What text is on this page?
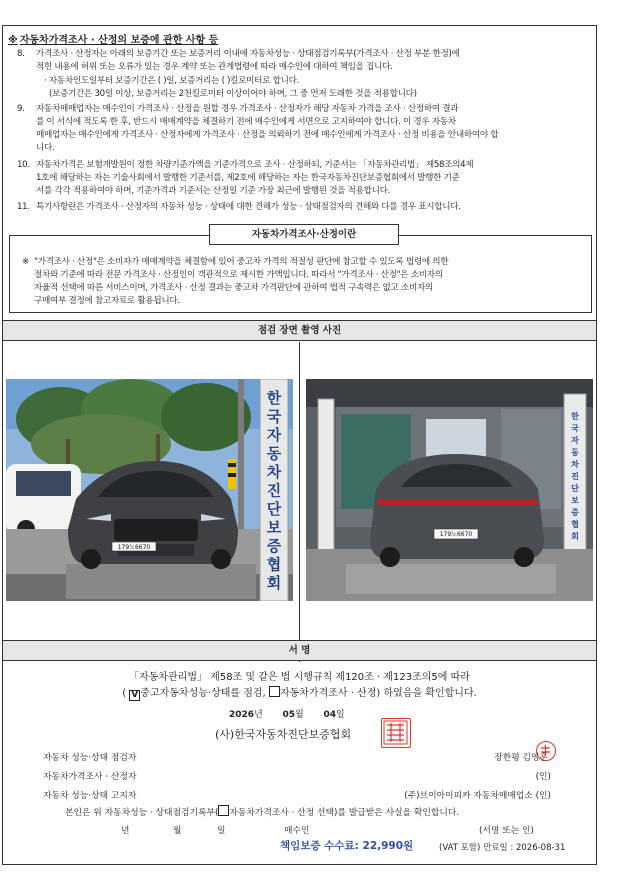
※ 자동차가격조사 · 산정의 보증에 관한 사항 등
8.	가격조사 · 산정자는 아래의 보증기간 또는 보증거리 이내에 자동차성능 · 상태점검기록부(가격조사 · 산정 부분 한정)에
적힌 내용에 허위 또는 오류가 있는 경우 계약 또는 관계법령에 따라 매수인에 대하여 책임을 집니다.
· 자동차인도일부터 보증기간은 ( )일, 보증거리는 ( )킬로미터로 합니다.
(보증기간은 30일 이상, 보증거리는 2천킬로미터 이상이어야 하며, 그 중 먼저 도래한 것을 적용합니다)
9.	자동차매매업자는 매수인이 가격조사 · 산정을 원할 경우 가격조사 · 산정자가 해당 자동차 가격을 조사 · 산정하여 결과
를 이 서식에 적도록 한 후, 반드시 매매계약을 체결하기 전에 매수인에게 서면으로 고지하여야 합니다. 이 경우 자동차
매매업자는 매수인에게 가격조사 · 산정자에게 가격조사 · 산정을 의뢰하기 전에 매수인에게 가격조사 · 산정 비용을 안내하여야 합
니다.
10. 자동차가격은 보험개발원이 정한 차량기준가액을 기준가격으로 조사 · 산정하되, 기준서는 「자동차관리법」 제58조의4제
1호에 해당하는 자는 기술사회에서 발행한 기준서를, 제2호에 해당하는 자는 한국자동차진단보증협회에서 발행한 기준
서를 각각 적용하여야 하며, 기준가격과 기준서는 산정일 기준 가장 최근에 발행된 것을 적용합니다.
11. 특기사항란은 가격조사 · 산정자의 자동차 성능 · 상태에 대한 견해가 성능 · 상태점검자의 견해와 다를 경우 표시합니다.
※ "가격조사 · 산정"은 소비자가 매매계약을 체결함에 있어 중고차 가격의 적절성 판단에 참고할 수 있도록 법령에 의한
절차와 기준에 따라 전문 가격조사 · 산정인이 객관적으로 제시한 가액입니다. 따라서 "가격조사 · 산정"은 소비자의
자율적 선택에 따른 서비스이며, 가격조사 · 산정 결과는 중고차 가격판단에 관하여 법적 구속력은 없고 소비자의
구매여부 결정에 참고자료로 활용됩니다.
자동차가격조사·산정이란
점검 장면 촬영 사진
179노6670
한 국 자 동 차 진 단 보 증 협 회
179노6670
한 국 자 동 차 진 단 보 증 협 회
서 명
「자동차관리법」 제58조 및 같은 법 시행규칙 제120조 · 제123조의5에 따라
( V 중고자동차성능·상태를 점검, 자동차가격조사 · 산정) 하였음을 확인합니다.
2026년 05월 04일
(사)한국자동차진단보증협회
자동차 성능·상태 점검자	장한평 김영훈
자동차가격조사 · 산정자	(인)
자동차 성능·상태 고지자	(주)브이아이피카 자동차매매업소 (인)
본인은 위 자동차성능 · 상태점검기록부( 자동차가격조사 · 산정 선택)를 발급받은 사실을 확인합니다.
년	월	일	매수인	(서명 또는 인)
책임보증 수수료: 22,990원	(VAT 포함) 만료일 : 2026-08-31
